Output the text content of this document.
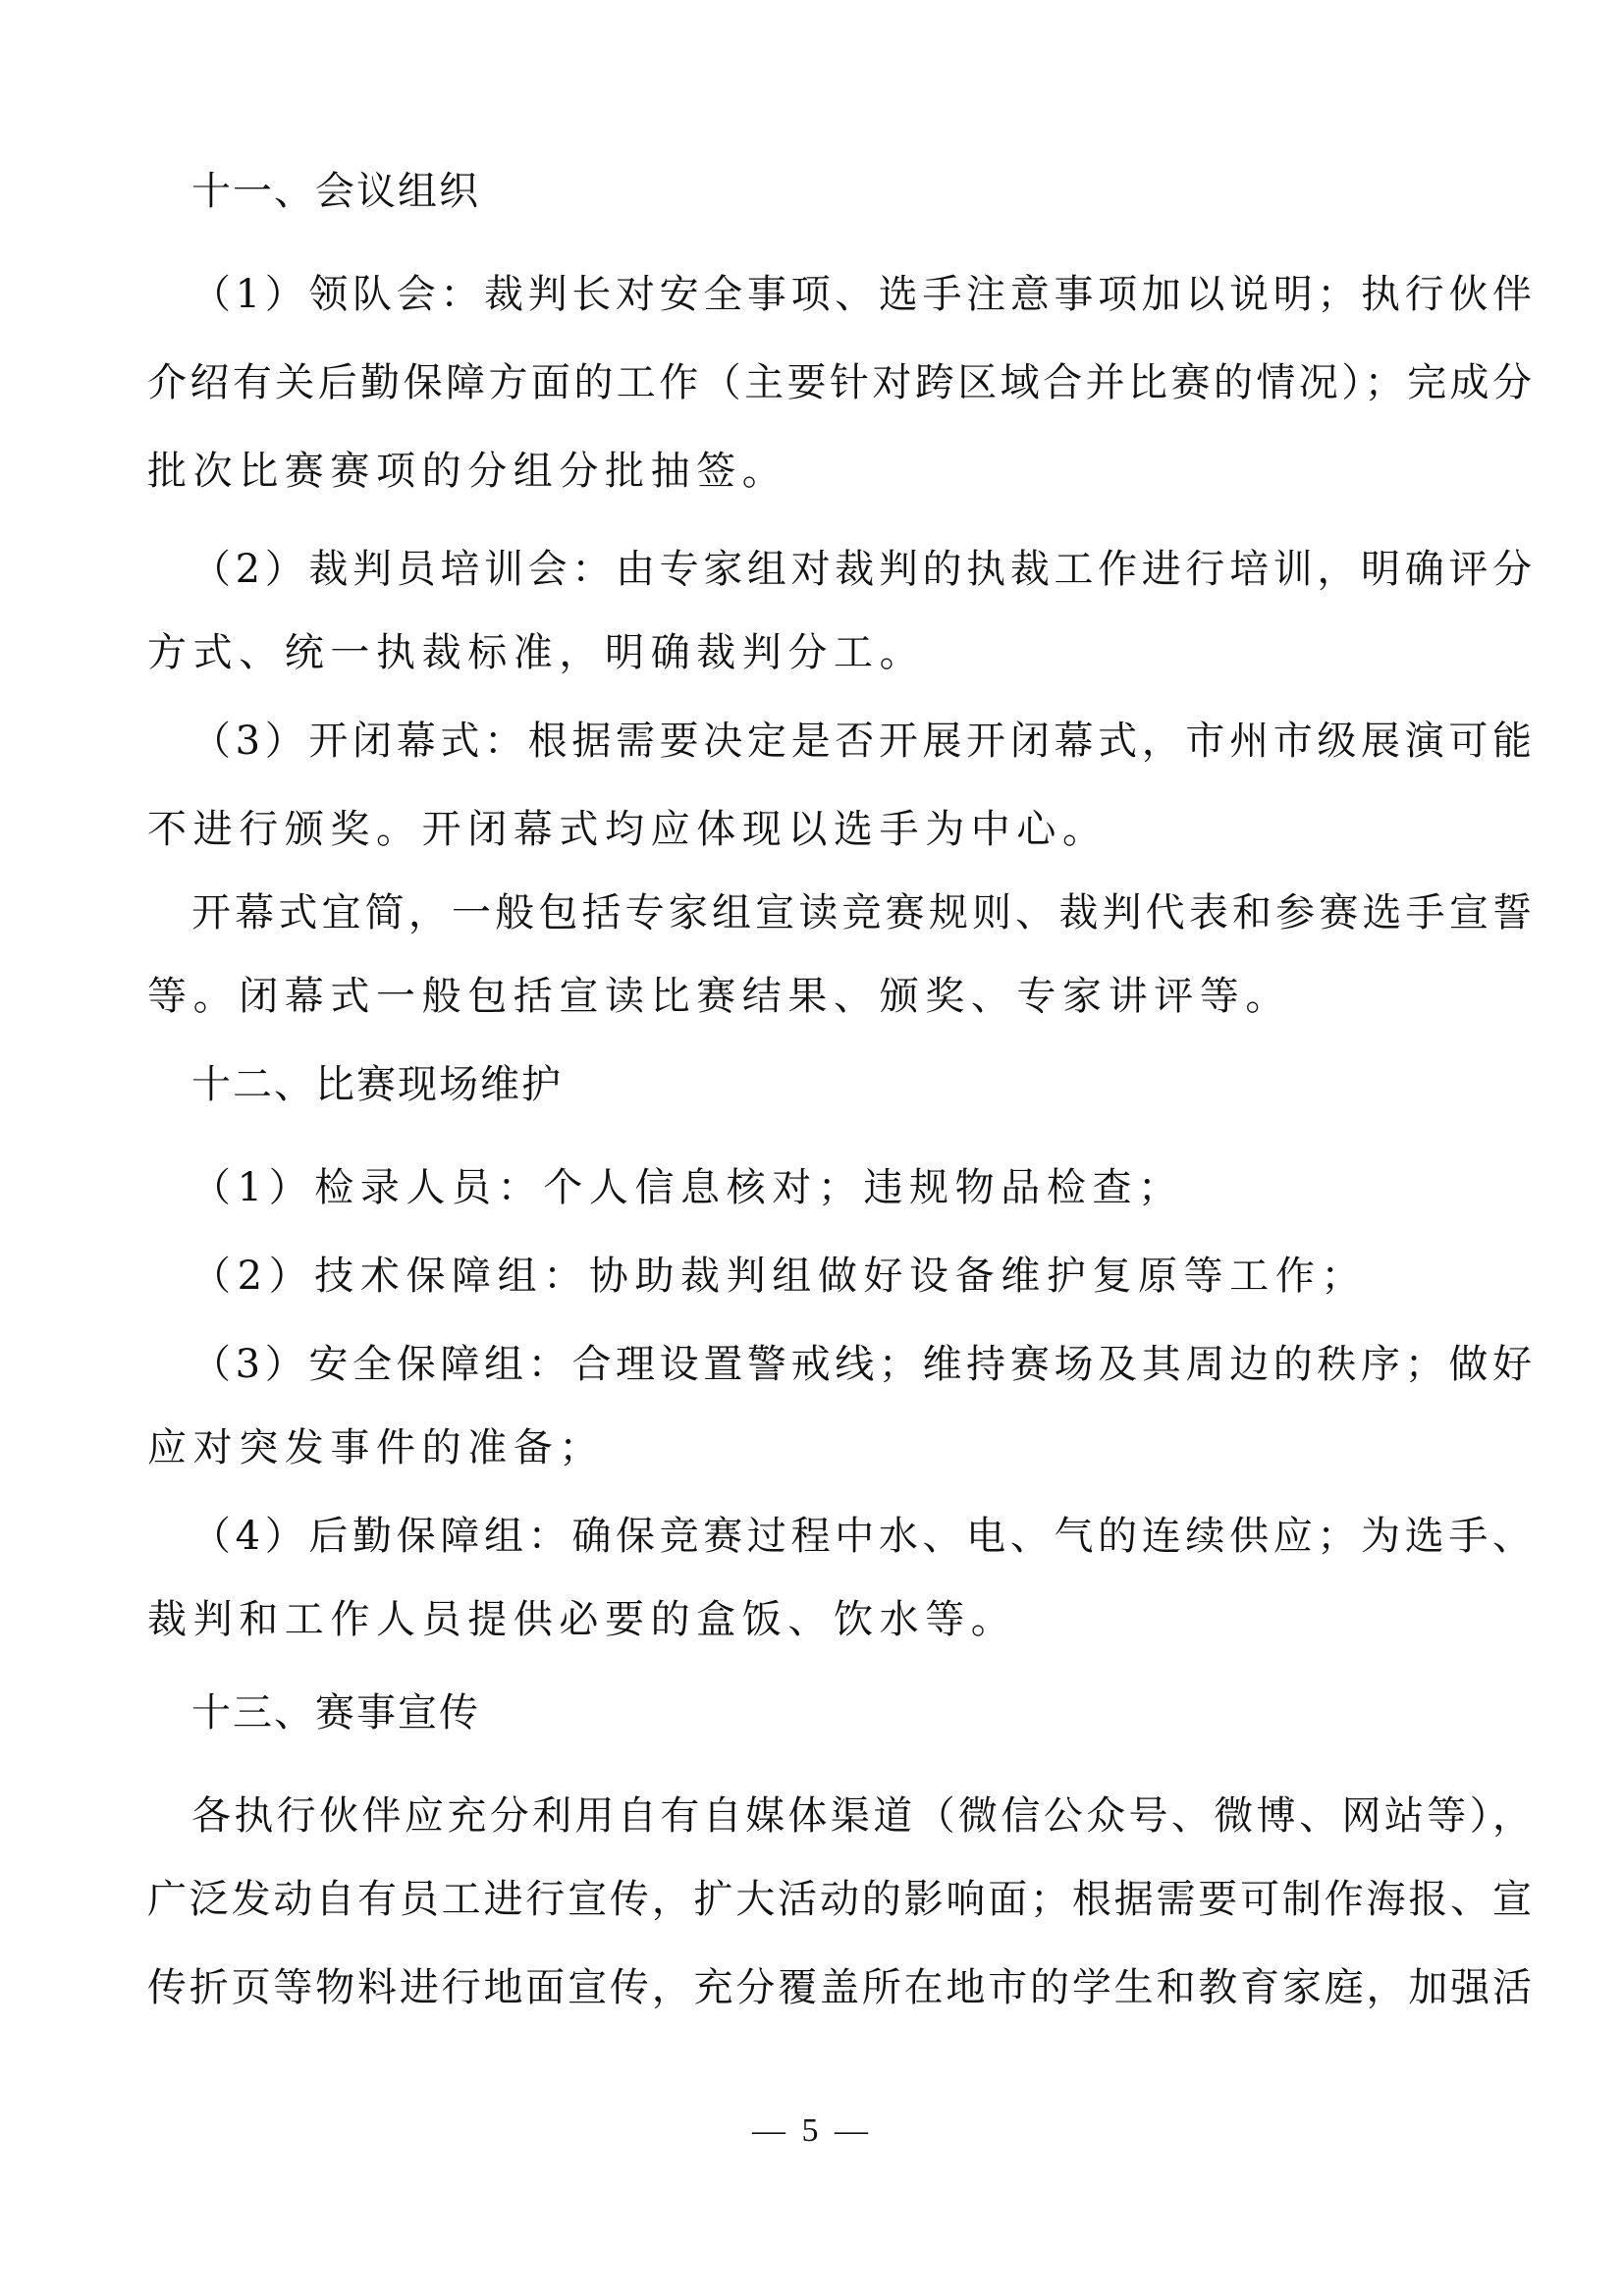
十一、会议组织
（1）领队会：裁判长对安全事项、选手注意事项加以说明；执行伙伴
介绍有关后勤保障方面的工作（主要针对跨区域合并比赛的情况）；完成分
批次比赛赛项的分组分批抽签。
（2）裁判员培训会：由专家组对裁判的执裁工作进行培训，明确评分
方式、统一执裁标准，明确裁判分工。
（3）开闭幕式：根据需要决定是否开展开闭幕式，市州市级展演可能
不进行颁奖。开闭幕式均应体现以选手为中心。
开幕式宜简，一般包括专家组宣读竞赛规则、裁判代表和参赛选手宣誓
等。闭幕式一般包括宣读比赛结果、颁奖、专家讲评等。
十二、比赛现场维护
（1）检录人员：个人信息核对；违规物品检查；
（2）技术保障组：协助裁判组做好设备维护复原等工作；
（3）安全保障组：合理设置警戒线；维持赛场及其周边的秩序；做好
应对突发事件的准备；
（4）后勤保障组：确保竞赛过程中水、电、气的连续供应；为选手、
裁判和工作人员提供必要的盒饭、饮水等。
十三、赛事宣传
各执行伙伴应充分利用自有自媒体渠道（微信公众号、微博、网站等），
广泛发动自有员工进行宣传，扩大活动的影响面；根据需要可制作海报、宣
传折页等物料进行地面宣传，充分覆盖所在地市的学生和教育家庭，加强活
— 5 —
